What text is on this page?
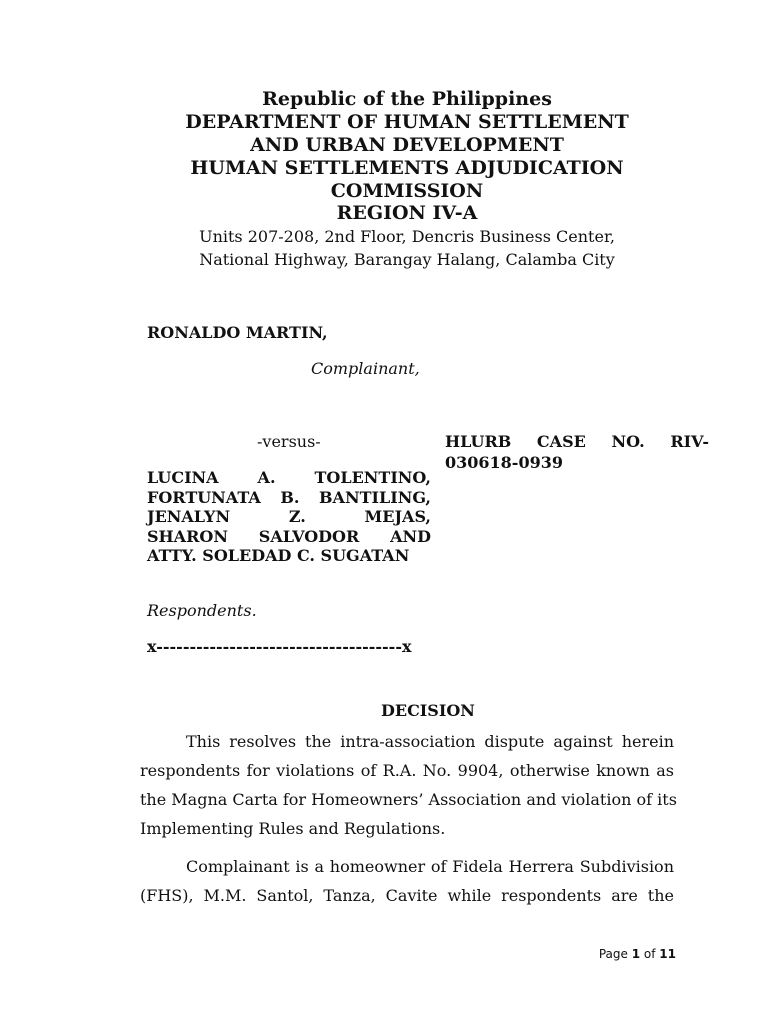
Republic of the Philippines
DEPARTMENT OF HUMAN SETTLEMENT
AND URBAN DEVELOPMENT
HUMAN SETTLEMENTS ADJUDICATION
COMMISSION
REGION IV-A
Units 207-208, 2nd Floor, Dencris Business Center,
National Highway, Barangay Halang, Calamba City
RONALDO MARTIN,
Complainant,
-versus-	HLURB CASE NO. RIV-
030618-0939
LUCINA A. TOLENTINO,
FORTUNATA B. BANTILING,
JENALYN Z. MEJAS,
SHARON SALVODOR AND
ATTY. SOLEDAD C. SUGATAN
Respondents.
x-------------------------------------x
DECISION
This resolves the intra-association dispute against herein
respondents for violations of R.A. No. 9904, otherwise known as
the Magna Carta for Homeowners’ Association and violation of its
Implementing Rules and Regulations.
Complainant is a homeowner of Fidela Herrera Subdivision
(FHS), M.M. Santol, Tanza, Cavite while respondents are the
Page 1 of 11
